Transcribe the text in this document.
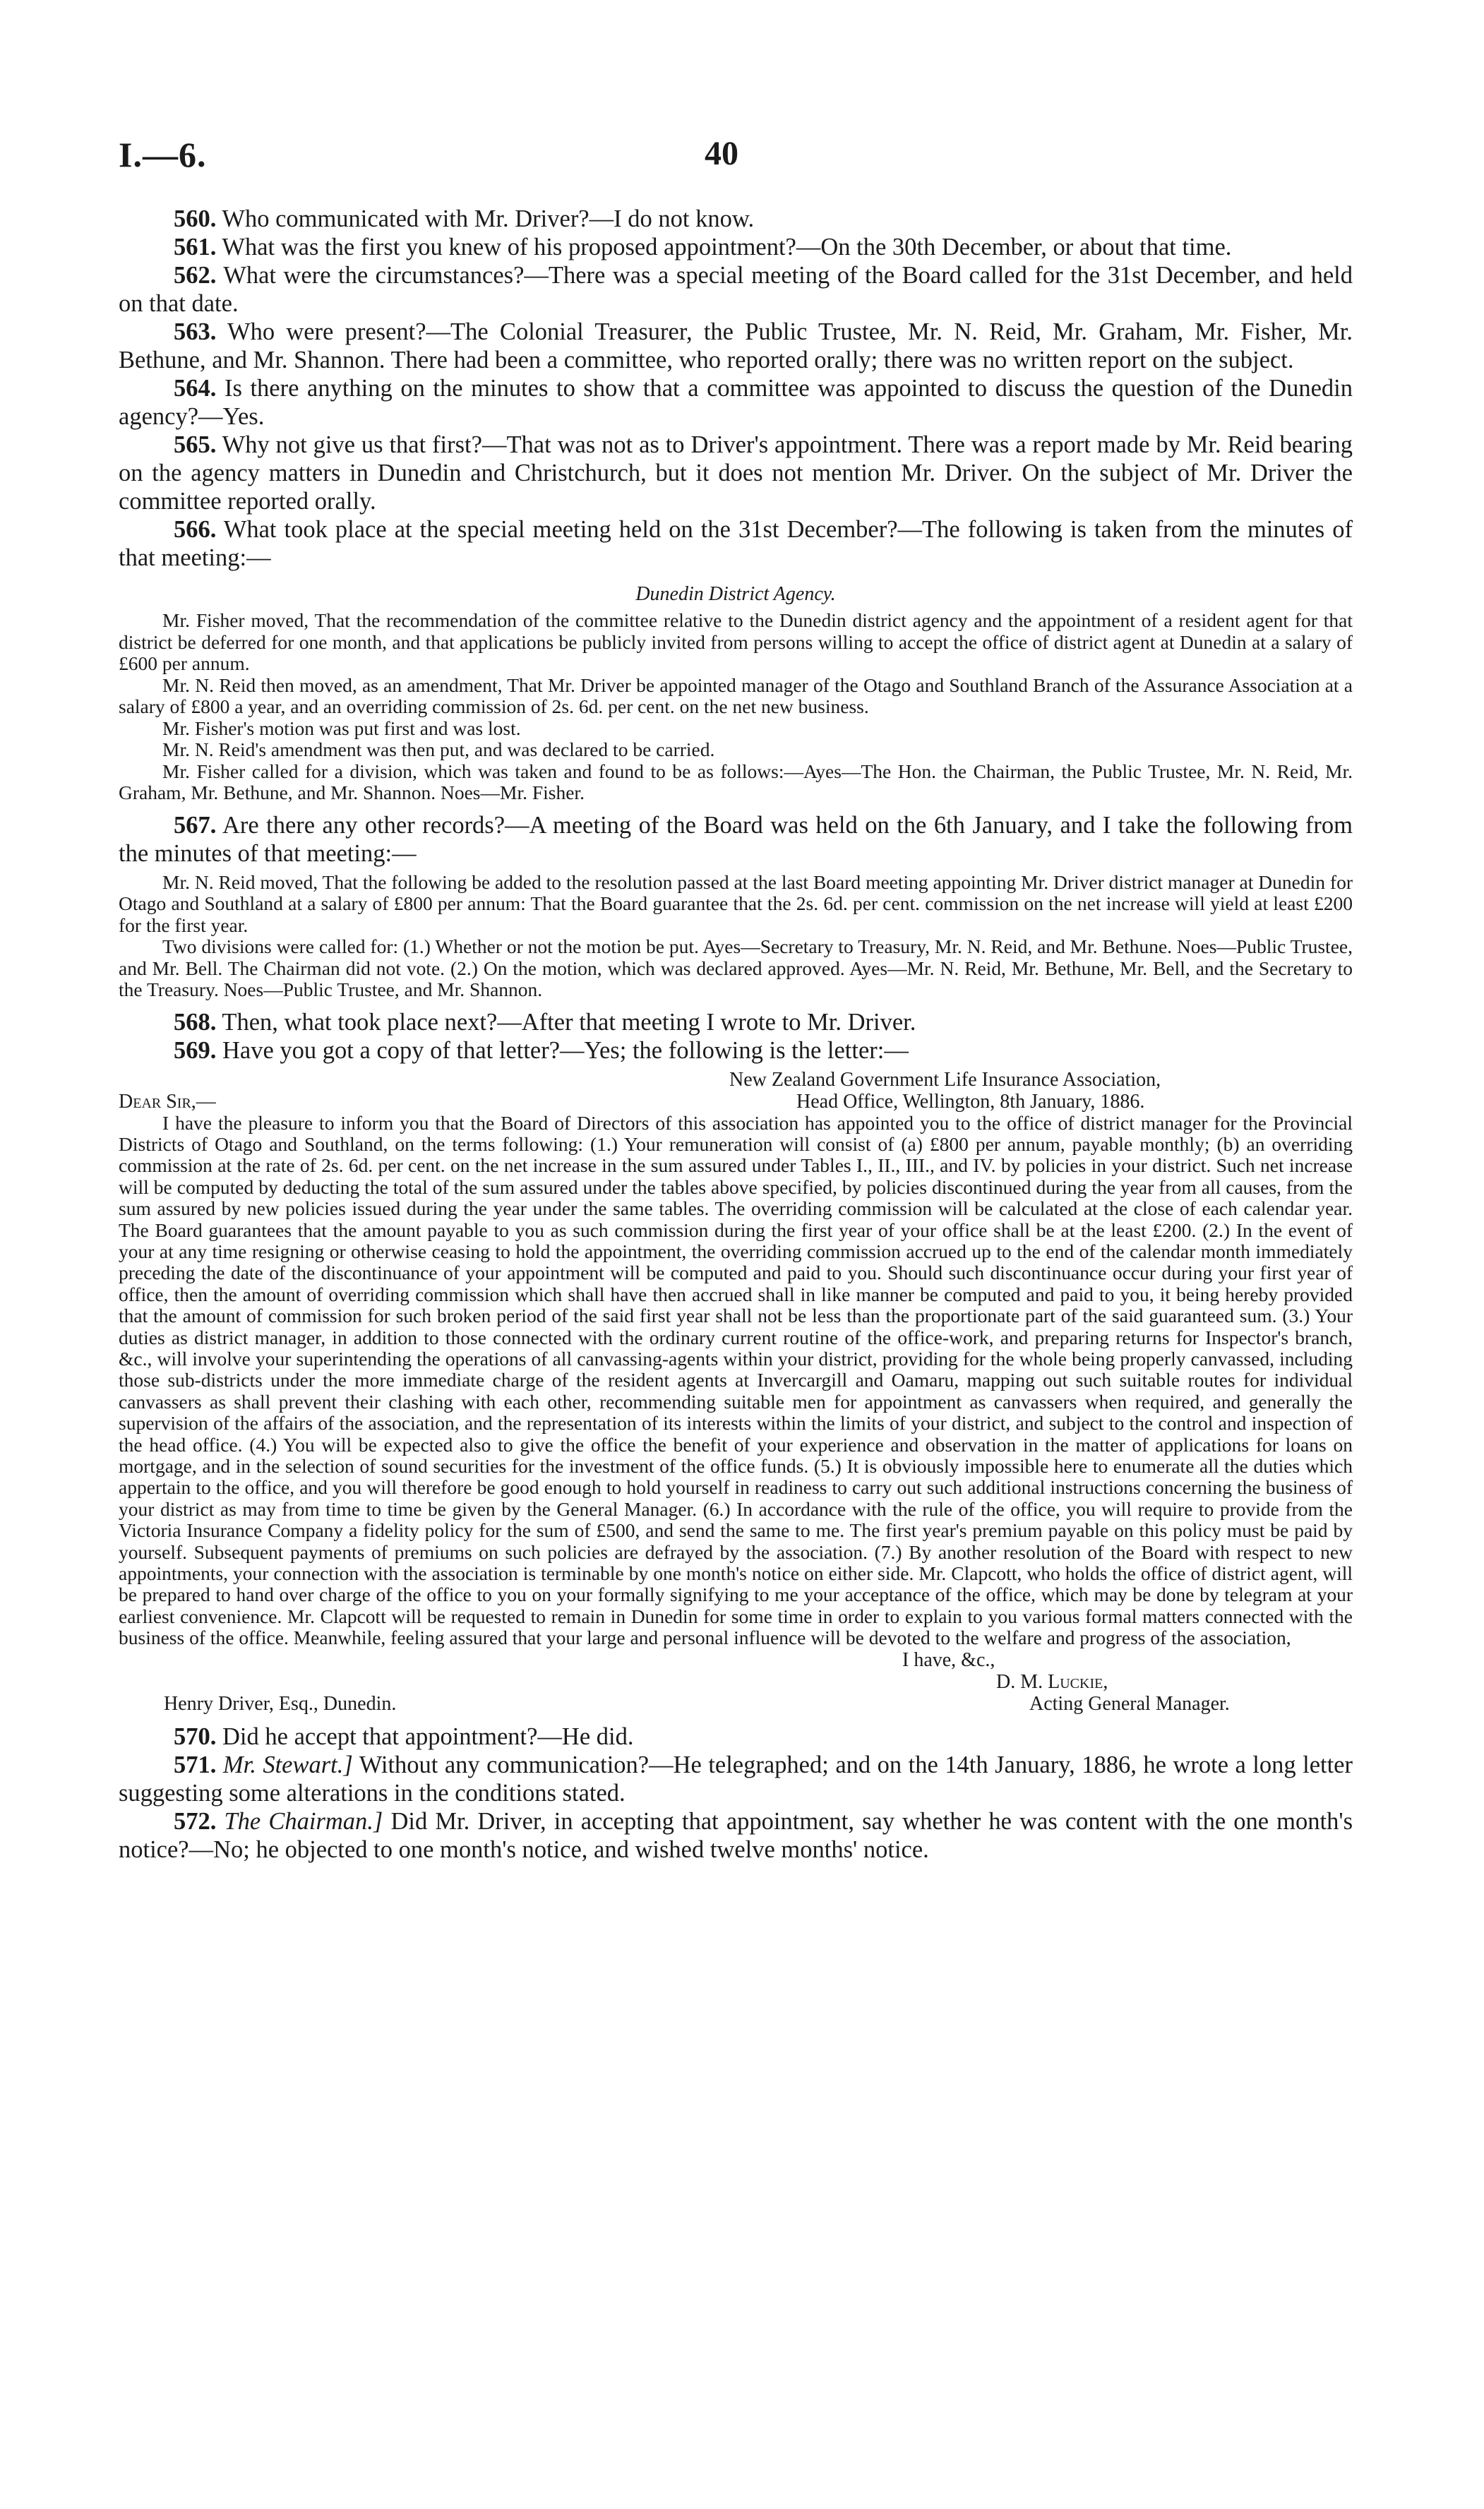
I.—6.	40

560. Who communicated with Mr. Driver?—I do not know.

561. What was the first you knew of his proposed appointment?—On the 30th December, or about that time.

562. What were the circumstances?—There was a special meeting of the Board called for the 31st December, and held on that date.

563. Who were present?—The Colonial Treasurer, the Public Trustee, Mr. N. Reid, Mr. Graham, Mr. Fisher, Mr. Bethune, and Mr. Shannon. There had been a committee, who reported orally; there was no written report on the subject.

564. Is there anything on the minutes to show that a committee was appointed to discuss the question of the Dunedin agency?—Yes.

565. Why not give us that first?—That was not as to Driver's appointment. There was a report made by Mr. Reid bearing on the agency matters in Dunedin and Christchurch, but it does not mention Mr. Driver. On the subject of Mr. Driver the committee reported orally.

566. What took place at the special meeting held on the 31st December?—The following is taken from the minutes of that meeting:—

Dunedin District Agency.

Mr. Fisher moved, That the recommendation of the committee relative to the Dunedin district agency and the appointment of a resident agent for that district be deferred for one month, and that applications be publicly invited from persons willing to accept the office of district agent at Dunedin at a salary of £600 per annum.

Mr. N. Reid then moved, as an amendment, That Mr. Driver be appointed manager of the Otago and Southland Branch of the Assurance Association at a salary of £800 a year, and an overriding commission of 2s. 6d. per cent. on the net new business.

Mr. Fisher's motion was put first and was lost.

Mr. N. Reid's amendment was then put, and was declared to be carried.

Mr. Fisher called for a division, which was taken and found to be as follows:—Ayes—The Hon. the Chairman, the Public Trustee, Mr. N. Reid, Mr. Graham, Mr. Bethune, and Mr. Shannon. Noes—Mr. Fisher.

567. Are there any other records?—A meeting of the Board was held on the 6th January, and I take the following from the minutes of that meeting:—

Mr. N. Reid moved, That the following be added to the resolution passed at the last Board meeting appointing Mr. Driver district manager at Dunedin for Otago and Southland at a salary of £800 per annum: That the Board guarantee that the 2s. 6d. per cent. commission on the net increase will yield at least £200 for the first year.

Two divisions were called for: (1.) Whether or not the motion be put. Ayes—Secretary to Treasury, Mr. N. Reid, and Mr. Bethune. Noes—Public Trustee, and Mr. Bell. The Chairman did not vote. (2.) On the motion, which was declared approved. Ayes—Mr. N. Reid, Mr. Bethune, Mr. Bell, and the Secretary to the Treasury. Noes—Public Trustee, and Mr. Shannon.

568. Then, what took place next?—After that meeting I wrote to Mr. Driver.

569. Have you got a copy of that letter?—Yes; the following is the letter:—

New Zealand Government Life Insurance Association,
Dear Sir,—	Head Office, Wellington, 8th January, 1886.

I have the pleasure to inform you that the Board of Directors of this association has appointed you to the office of district manager for the Provincial Districts of Otago and Southland, on the terms following: (1.) Your remuneration will consist of (a) £800 per annum, payable monthly; (b) an overriding commission at the rate of 2s. 6d. per cent. on the net increase in the sum assured under Tables I., II., III., and IV. by policies in your district. Such net increase will be computed by deducting the total of the sum assured under the tables above specified, by policies discontinued during the year from all causes, from the sum assured by new policies issued during the year under the same tables. The overriding commission will be calculated at the close of each calendar year. The Board guarantees that the amount payable to you as such commission during the first year of your office shall be at the least £200. (2.) In the event of your at any time resigning or otherwise ceasing to hold the appointment, the overriding commission accrued up to the end of the calendar month immediately preceding the date of the discontinuance of your appointment will be computed and paid to you. Should such discontinuance occur during your first year of office, then the amount of overriding commission which shall have then accrued shall in like manner be computed and paid to you, it being hereby provided that the amount of commission for such broken period of the said first year shall not be less than the proportionate part of the said guaranteed sum. (3.) Your duties as district manager, in addition to those connected with the ordinary current routine of the office-work, and preparing returns for Inspector's branch, &c., will involve your superintending the operations of all canvassing-agents within your district, providing for the whole being properly canvassed, including those sub-districts under the more immediate charge of the resident agents at Invercargill and Oamaru, mapping out such suitable routes for individual canvassers as shall prevent their clashing with each other, recommending suitable men for appointment as canvassers when required, and generally the supervision of the affairs of the association, and the representation of its interests within the limits of your district, and subject to the control and inspection of the head office. (4.) You will be expected also to give the office the benefit of your experience and observation in the matter of applications for loans on mortgage, and in the selection of sound securities for the investment of the office funds. (5.) It is obviously impossible here to enumerate all the duties which appertain to the office, and you will therefore be good enough to hold yourself in readiness to carry out such additional instructions concerning the business of your district as may from time to time be given by the General Manager. (6.) In accordance with the rule of the office, you will require to provide from the Victoria Insurance Company a fidelity policy for the sum of £500, and send the same to me. The first year's premium payable on this policy must be paid by yourself. Subsequent payments of premiums on such policies are defrayed by the association. (7.) By another resolution of the Board with respect to new appointments, your connection with the association is terminable by one month's notice on either side. Mr. Clapcott, who holds the office of district agent, will be prepared to hand over charge of the office to you on your formally signifying to me your acceptance of the office, which may be done by telegram at your earliest convenience. Mr. Clapcott will be requested to remain in Dunedin for some time in order to explain to you various formal matters connected with the business of the office. Meanwhile, feeling assured that your large and personal influence will be devoted to the welfare and progress of the association,

I have, &c.,
D. M. Luckie,
Henry Driver, Esq., Dunedin.	Acting General Manager.

570. Did he accept that appointment?—He did.

571. Mr. Stewart.] Without any communication?—He telegraphed; and on the 14th January, 1886, he wrote a long letter suggesting some alterations in the conditions stated.

572. The Chairman.] Did Mr. Driver, in accepting that appointment, say whether he was content with the one month's notice?—No; he objected to one month's notice, and wished twelve months' notice.
